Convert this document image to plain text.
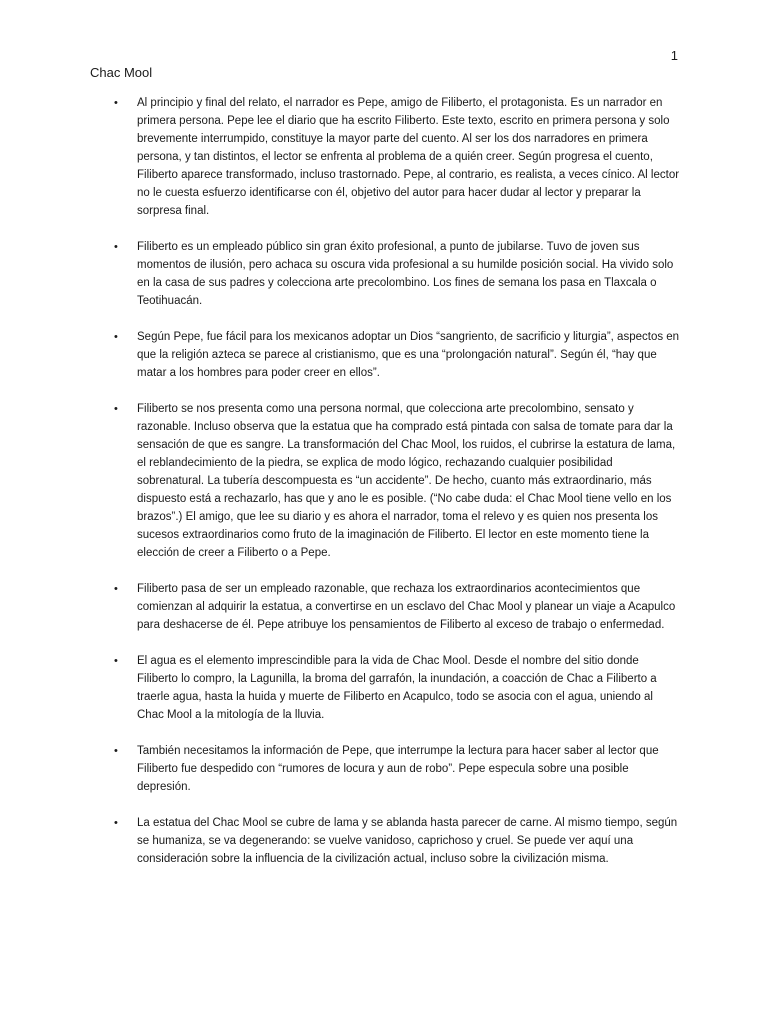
1
Chac Mool
• Al principio y final del relato, el narrador es Pepe, amigo de Filiberto, el protagonista. Es un narrador en primera persona. Pepe lee el diario que ha escrito Filiberto. Este texto, escrito en primera persona y solo brevemente interrumpido, constituye la mayor parte del cuento. Al ser los dos narradores en primera persona, y tan distintos, el lector se enfrenta al problema de a quién creer. Según progresa el cuento, Filiberto aparece transformado, incluso trastornado. Pepe, al contrario, es realista, a veces cínico. Al lector no le cuesta esfuerzo identificarse con él, objetivo del autor para hacer dudar al lector y preparar la sorpresa final.
• Filiberto es un empleado público sin gran éxito profesional, a punto de jubilarse. Tuvo de joven sus momentos de ilusión, pero achaca su oscura vida profesional a su humilde posición social. Ha vivido solo en la casa de sus padres y colecciona arte precolombino. Los fines de semana los pasa en Tlaxcala o Teotihuacán.
• Según Pepe, fue fácil para los mexicanos adoptar un Dios “sangriento, de sacrificio y liturgia”, aspectos en que la religión azteca se parece al cristianismo, que es una “prolongación natural”. Según él, “hay que matar a los hombres para poder creer en ellos”.
• Filiberto se nos presenta como una persona normal, que colecciona arte precolombino, sensato y razonable. Incluso observa que la estatua que ha comprado está pintada con salsa de tomate para dar la sensación de que es sangre. La transformación del Chac Mool, los ruidos, el cubrirse la estatura de lama, el reblandecimiento de la piedra, se explica de modo lógico, rechazando cualquier posibilidad sobrenatural. La tubería descompuesta es “un accidente”. De hecho, cuanto más extraordinario, más dispuesto está a rechazarlo, has que y ano le es posible. (“No cabe duda: el Chac Mool tiene vello en los brazos”.) El amigo, que lee su diario y es ahora el narrador, toma el relevo y es quien nos presenta los sucesos extraordinarios como fruto de la imaginación de Filiberto. El lector en este momento tiene la elección de creer a Filiberto o a Pepe.
• Filiberto pasa de ser un empleado razonable, que rechaza los extraordinarios acontecimientos que comienzan al adquirir la estatua, a convertirse en un esclavo del Chac Mool y planear un viaje a Acapulco para deshacerse de él. Pepe atribuye los pensamientos de Filiberto al exceso de trabajo o enfermedad.
• El agua es el elemento imprescindible para la vida de Chac Mool. Desde el nombre del sitio donde Filiberto lo compro, la Lagunilla, la broma del garrafón, la inundación, a coacción de Chac a Filiberto a traerle agua, hasta la huida y muerte de Filiberto en Acapulco, todo se asocia con el agua, uniendo al Chac Mool a la mitología de la lluvia.
• También necesitamos la información de Pepe, que interrumpe la lectura para hacer saber al lector que Filiberto fue despedido con “rumores de locura y aun de robo”. Pepe especula sobre una posible depresión.
• La estatua del Chac Mool se cubre de lama y se ablanda hasta parecer de carne. Al mismo tiempo, según se humaniza, se va degenerando: se vuelve vanidoso, caprichoso y cruel. Se puede ver aquí una consideración sobre la influencia de la civilización actual, incluso sobre la civilización misma.
